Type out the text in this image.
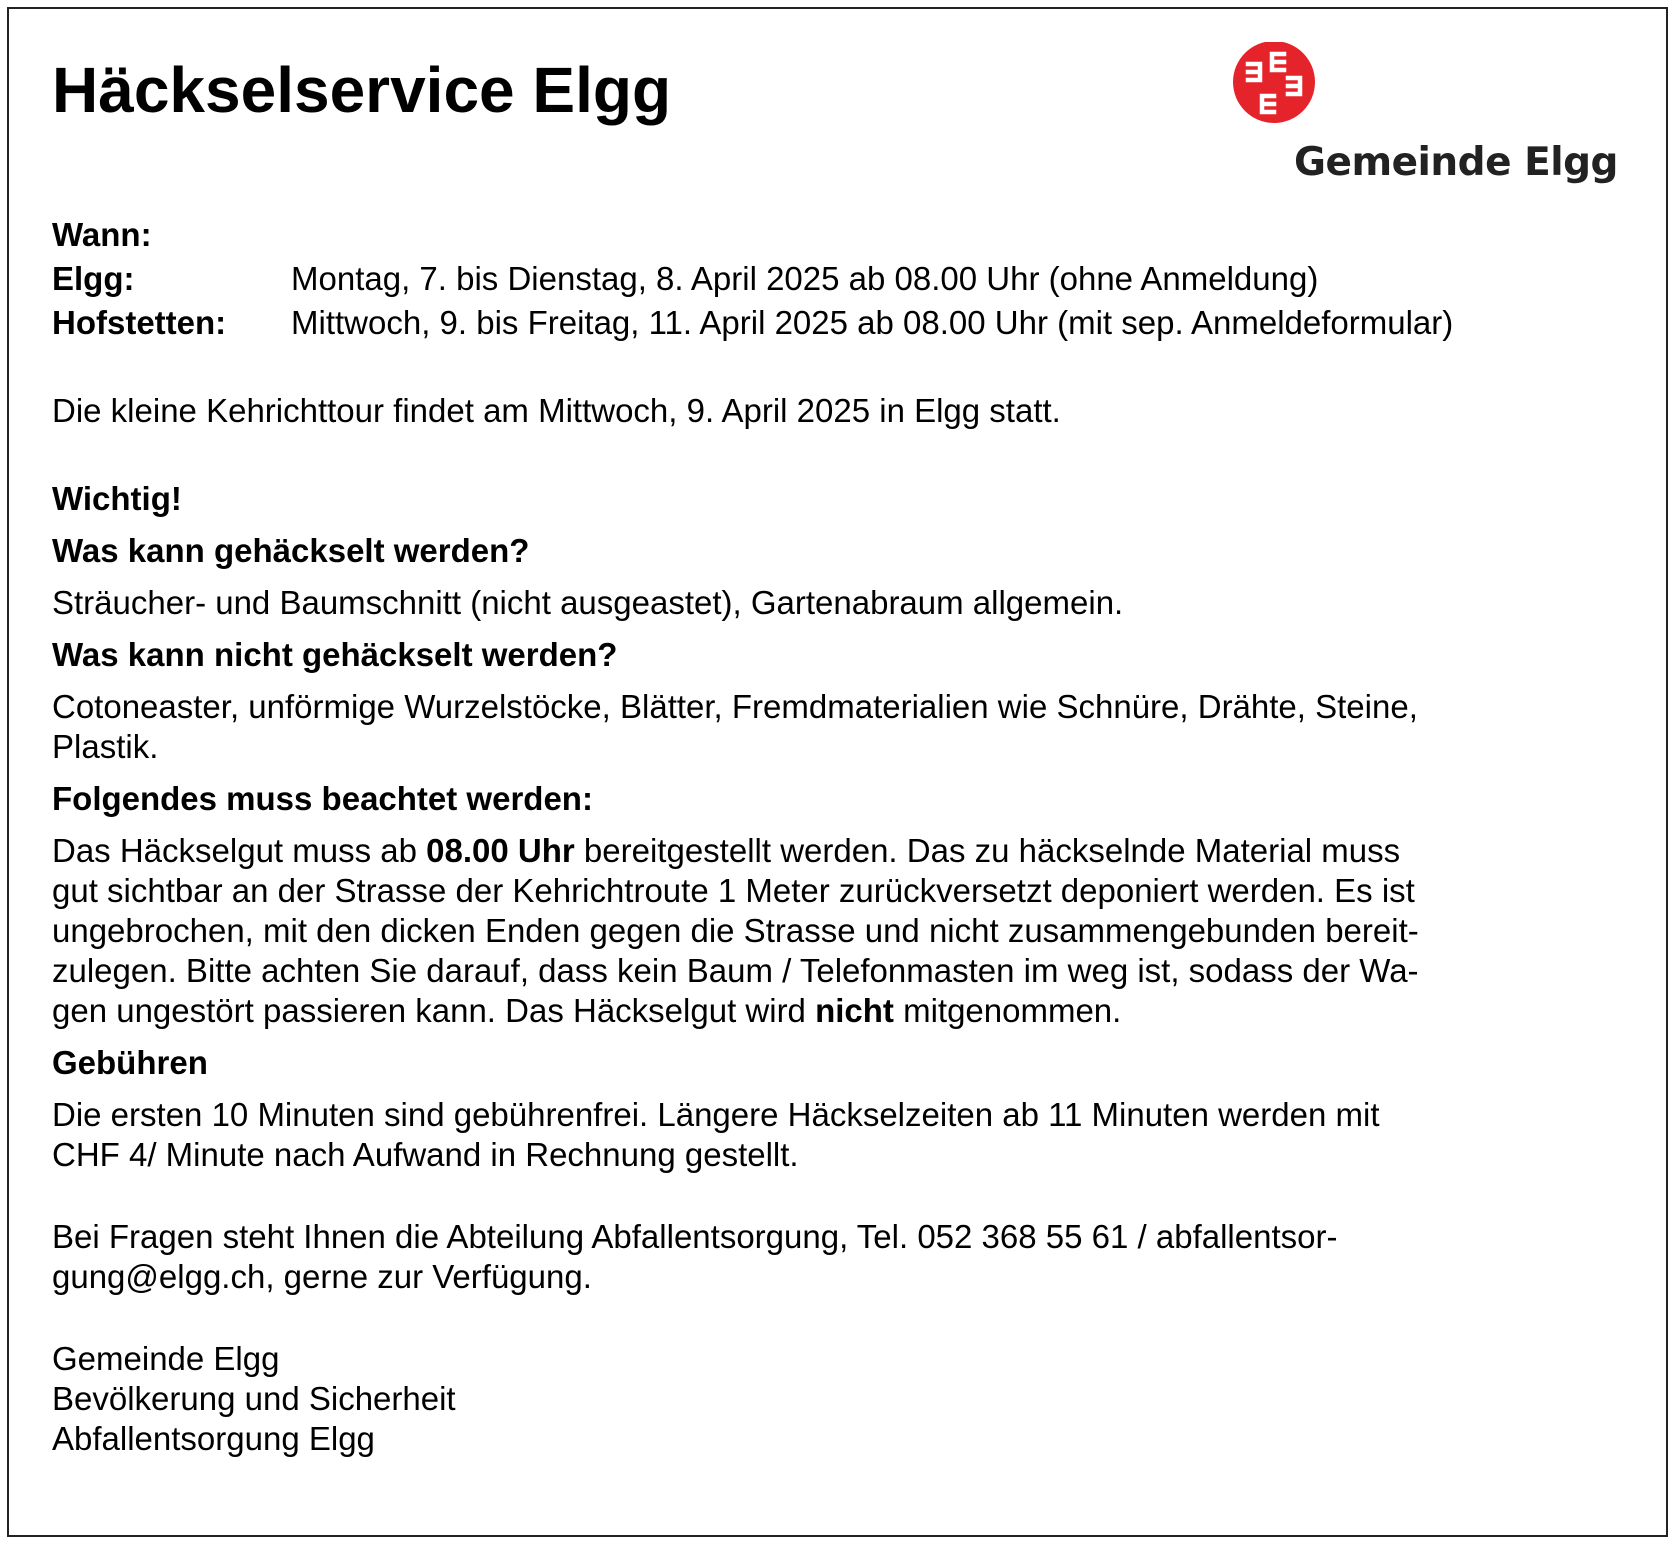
Häckselservice Elgg
Gemeinde Elgg

Wann:

Elgg:	Montag, 7. bis Dienstag, 8. April 2025 ab 08.00 Uhr (ohne Anmeldung)
Hofstetten:	Mittwoch, 9. bis Freitag, 11. April 2025 ab 08.00 Uhr (mit sep. Anmeldeformular)

Die kleine Kehrichttour findet am Mittwoch, 9. April 2025 in Elgg statt.

Wichtig!

Was kann gehäckselt werden?

Sträucher- und Baumschnitt (nicht ausgeastet), Gartenabraum allgemein.

Was kann nicht gehäckselt werden?

Cotoneaster, unförmige Wurzelstöcke, Blätter, Fremdmaterialien wie Schnüre, Drähte, Steine,

Plastik.

Folgendes muss beachtet werden:

Das Häckselgut muss ab 08.00 Uhr bereitgestellt werden. Das zu häckselnde Material muss

gut sichtbar an der Strasse der Kehrichtroute 1 Meter zurückversetzt deponiert werden. Es ist

ungebrochen, mit den dicken Enden gegen die Strasse und nicht zusammengebunden bereit-

zulegen. Bitte achten Sie darauf, dass kein Baum / Telefonmasten im weg ist, sodass der Wa-

gen ungestört passieren kann. Das Häckselgut wird nicht mitgenommen.

Gebühren

Die ersten 10 Minuten sind gebührenfrei. Längere Häckselzeiten ab 11 Minuten werden mit

CHF 4/ Minute nach Aufwand in Rechnung gestellt.

Bei Fragen steht Ihnen die Abteilung Abfallentsorgung, Tel. 052 368 55 61 / abfallentsor-

gung@elgg.ch, gerne zur Verfügung.

Gemeinde Elgg

Bevölkerung und Sicherheit

Abfallentsorgung Elgg
